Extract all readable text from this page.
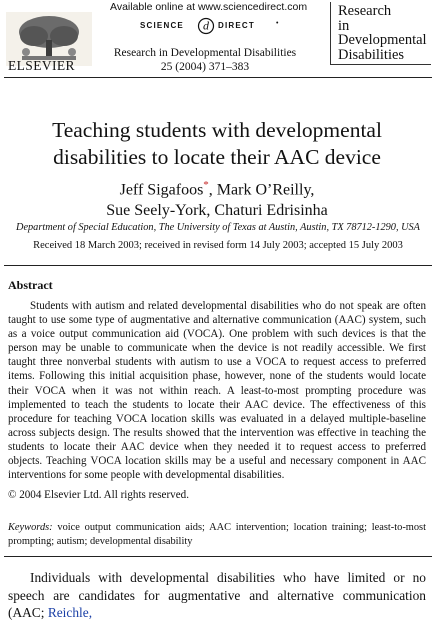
Available online at www.sciencedirect.com
SCIENCE d DIRECT	•
ELSEVIER
Research in Developmental Disabilities
25 (2004) 371–383
Research
in
Developmental
Disabilities
Teaching students with developmental
disabilities to locate their AAC device
Jeff Sigafoos*, Mark O’Reilly,
Sue Seely-York, Chaturi Edrisinha
Department of Special Education, The University of Texas at Austin, Austin, TX 78712-1290, USA
Received 18 March 2003; received in revised form 14 July 2003; accepted 15 July 2003
Abstract

Students with autism and related developmental disabilities who do not speak are often taught to use some type of augmentative and alternative communication (AAC) system, such as a voice output communication aid (VOCA). One problem with such devices is that the person may be unable to communicate when the device is not readily accessible. We first taught three nonverbal students with autism to use a VOCA to request access to preferred items. Following this initial acquisition phase, however, none of the students would locate their VOCA when it was not within reach. A least-to-most prompting procedure was implemented to teach the students to locate their AAC device. The effectiveness of this procedure for teaching VOCA location skills was evaluated in a delayed multiple-baseline across subjects design. The results showed that the intervention was effective in teaching the students to locate their AAC device when they needed it to request access to preferred objects. Teaching VOCA location skills may be a useful and necessary component in AAC interventions for some people with developmental disabilities.

© 2004 Elsevier Ltd. All rights reserved.
Keywords: voice output communication aids; AAC intervention; location training; least-to-most prompting; autism; developmental disability

Individuals with developmental disabilities who have limited or no speech are candidates for augmentative and alternative communication (AAC; Reichle,
